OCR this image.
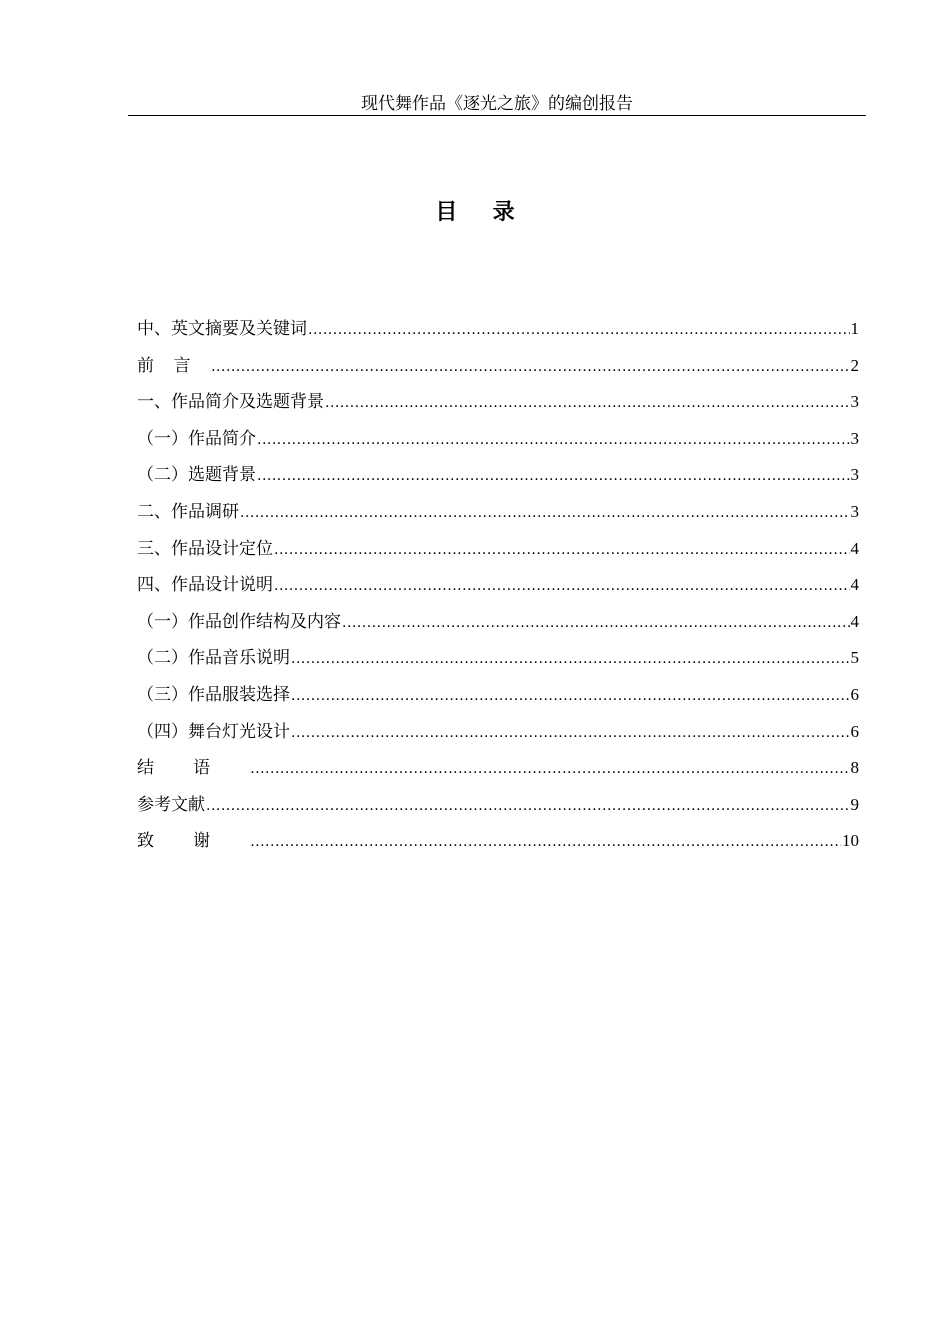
现代舞作品《逐光之旅》的编创报告
目录
中、英文摘要及关键词 .....	1
前言 .....	2
一、作品简介及选题背景 .....	3
（一）作品简介 .....	3
（二）选题背景 .....	3
二、作品调研 .....	3
三、作品设计定位 .....	4
四、作品设计说明 .....	4
（一）作品创作结构及内容 .....	4
（二）作品音乐说明 .....	5
（三）作品服装选择 .....	6
（四）舞台灯光设计 .....	6
结语 .....	8
参考文献 .....	9
致谢 .....	10
